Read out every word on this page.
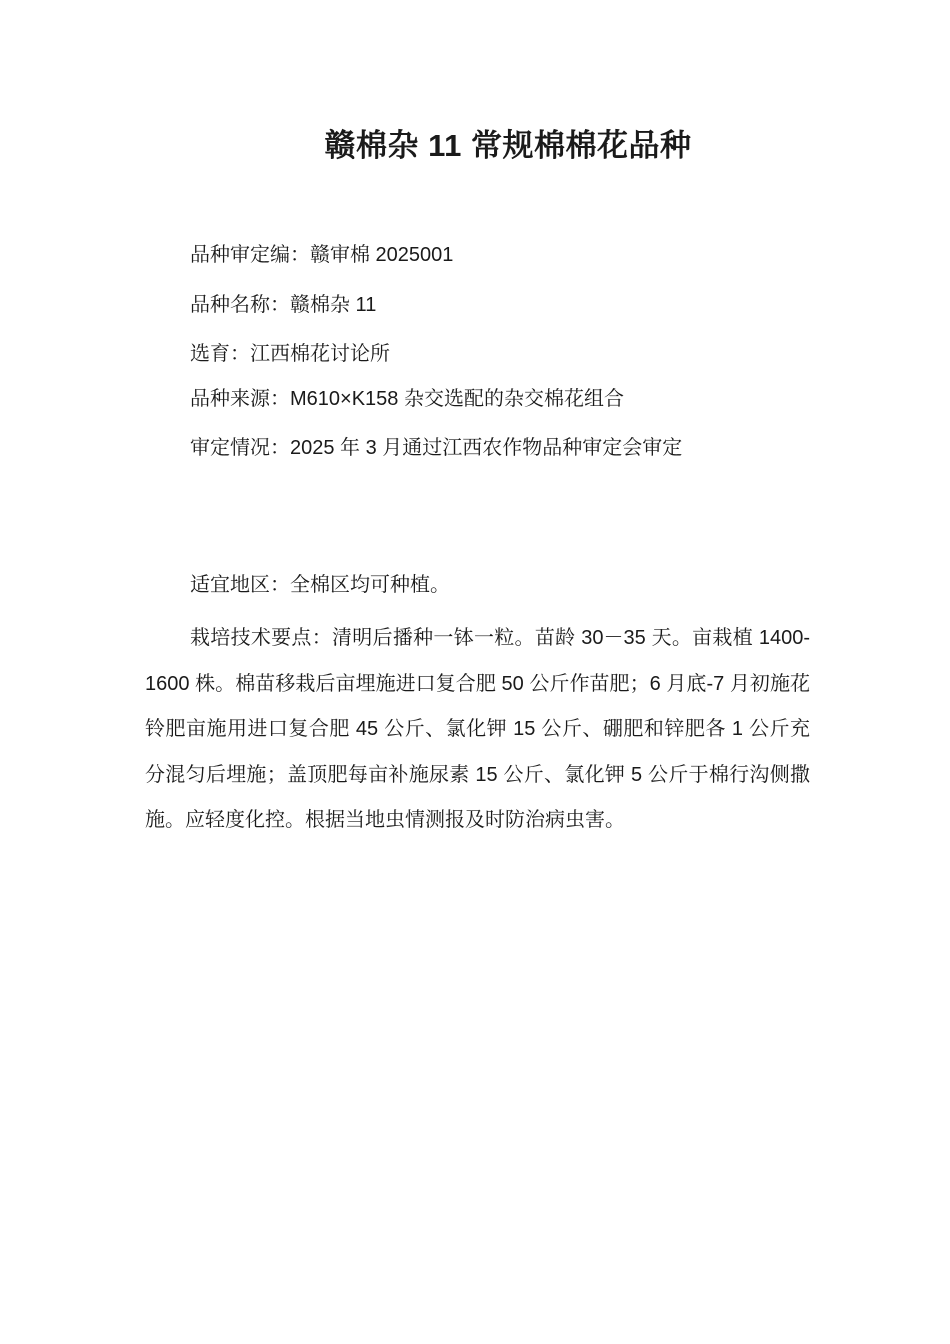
赣棉杂 11 常规棉棉花品种
品种审定编：赣审棉 2025001
品种名称：赣棉杂 11
选育：江西棉花讨论所
品种来源：M610×K158 杂交选配的杂交棉花组合
审定情况：2025 年 3 月通过江西农作物品种审定会审定
适宜地区：全棉区均可种植。
栽培技术要点：清明后播种一钵一粒。苗龄 30－35 天。亩栽植 1400-1600 株。棉苗移栽后亩埋施进口复合肥 50 公斤作苗肥；6 月底-7 月初施花铃肥亩施用进口复合肥 45 公斤、氯化钾 15 公斤、硼肥和锌肥各 1 公斤充分混匀后埋施；盖顶肥每亩补施尿素 15 公斤、氯化钾 5 公斤于棉行沟侧撒施。应轻度化控。根据当地虫情测报及时防治病虫害。
